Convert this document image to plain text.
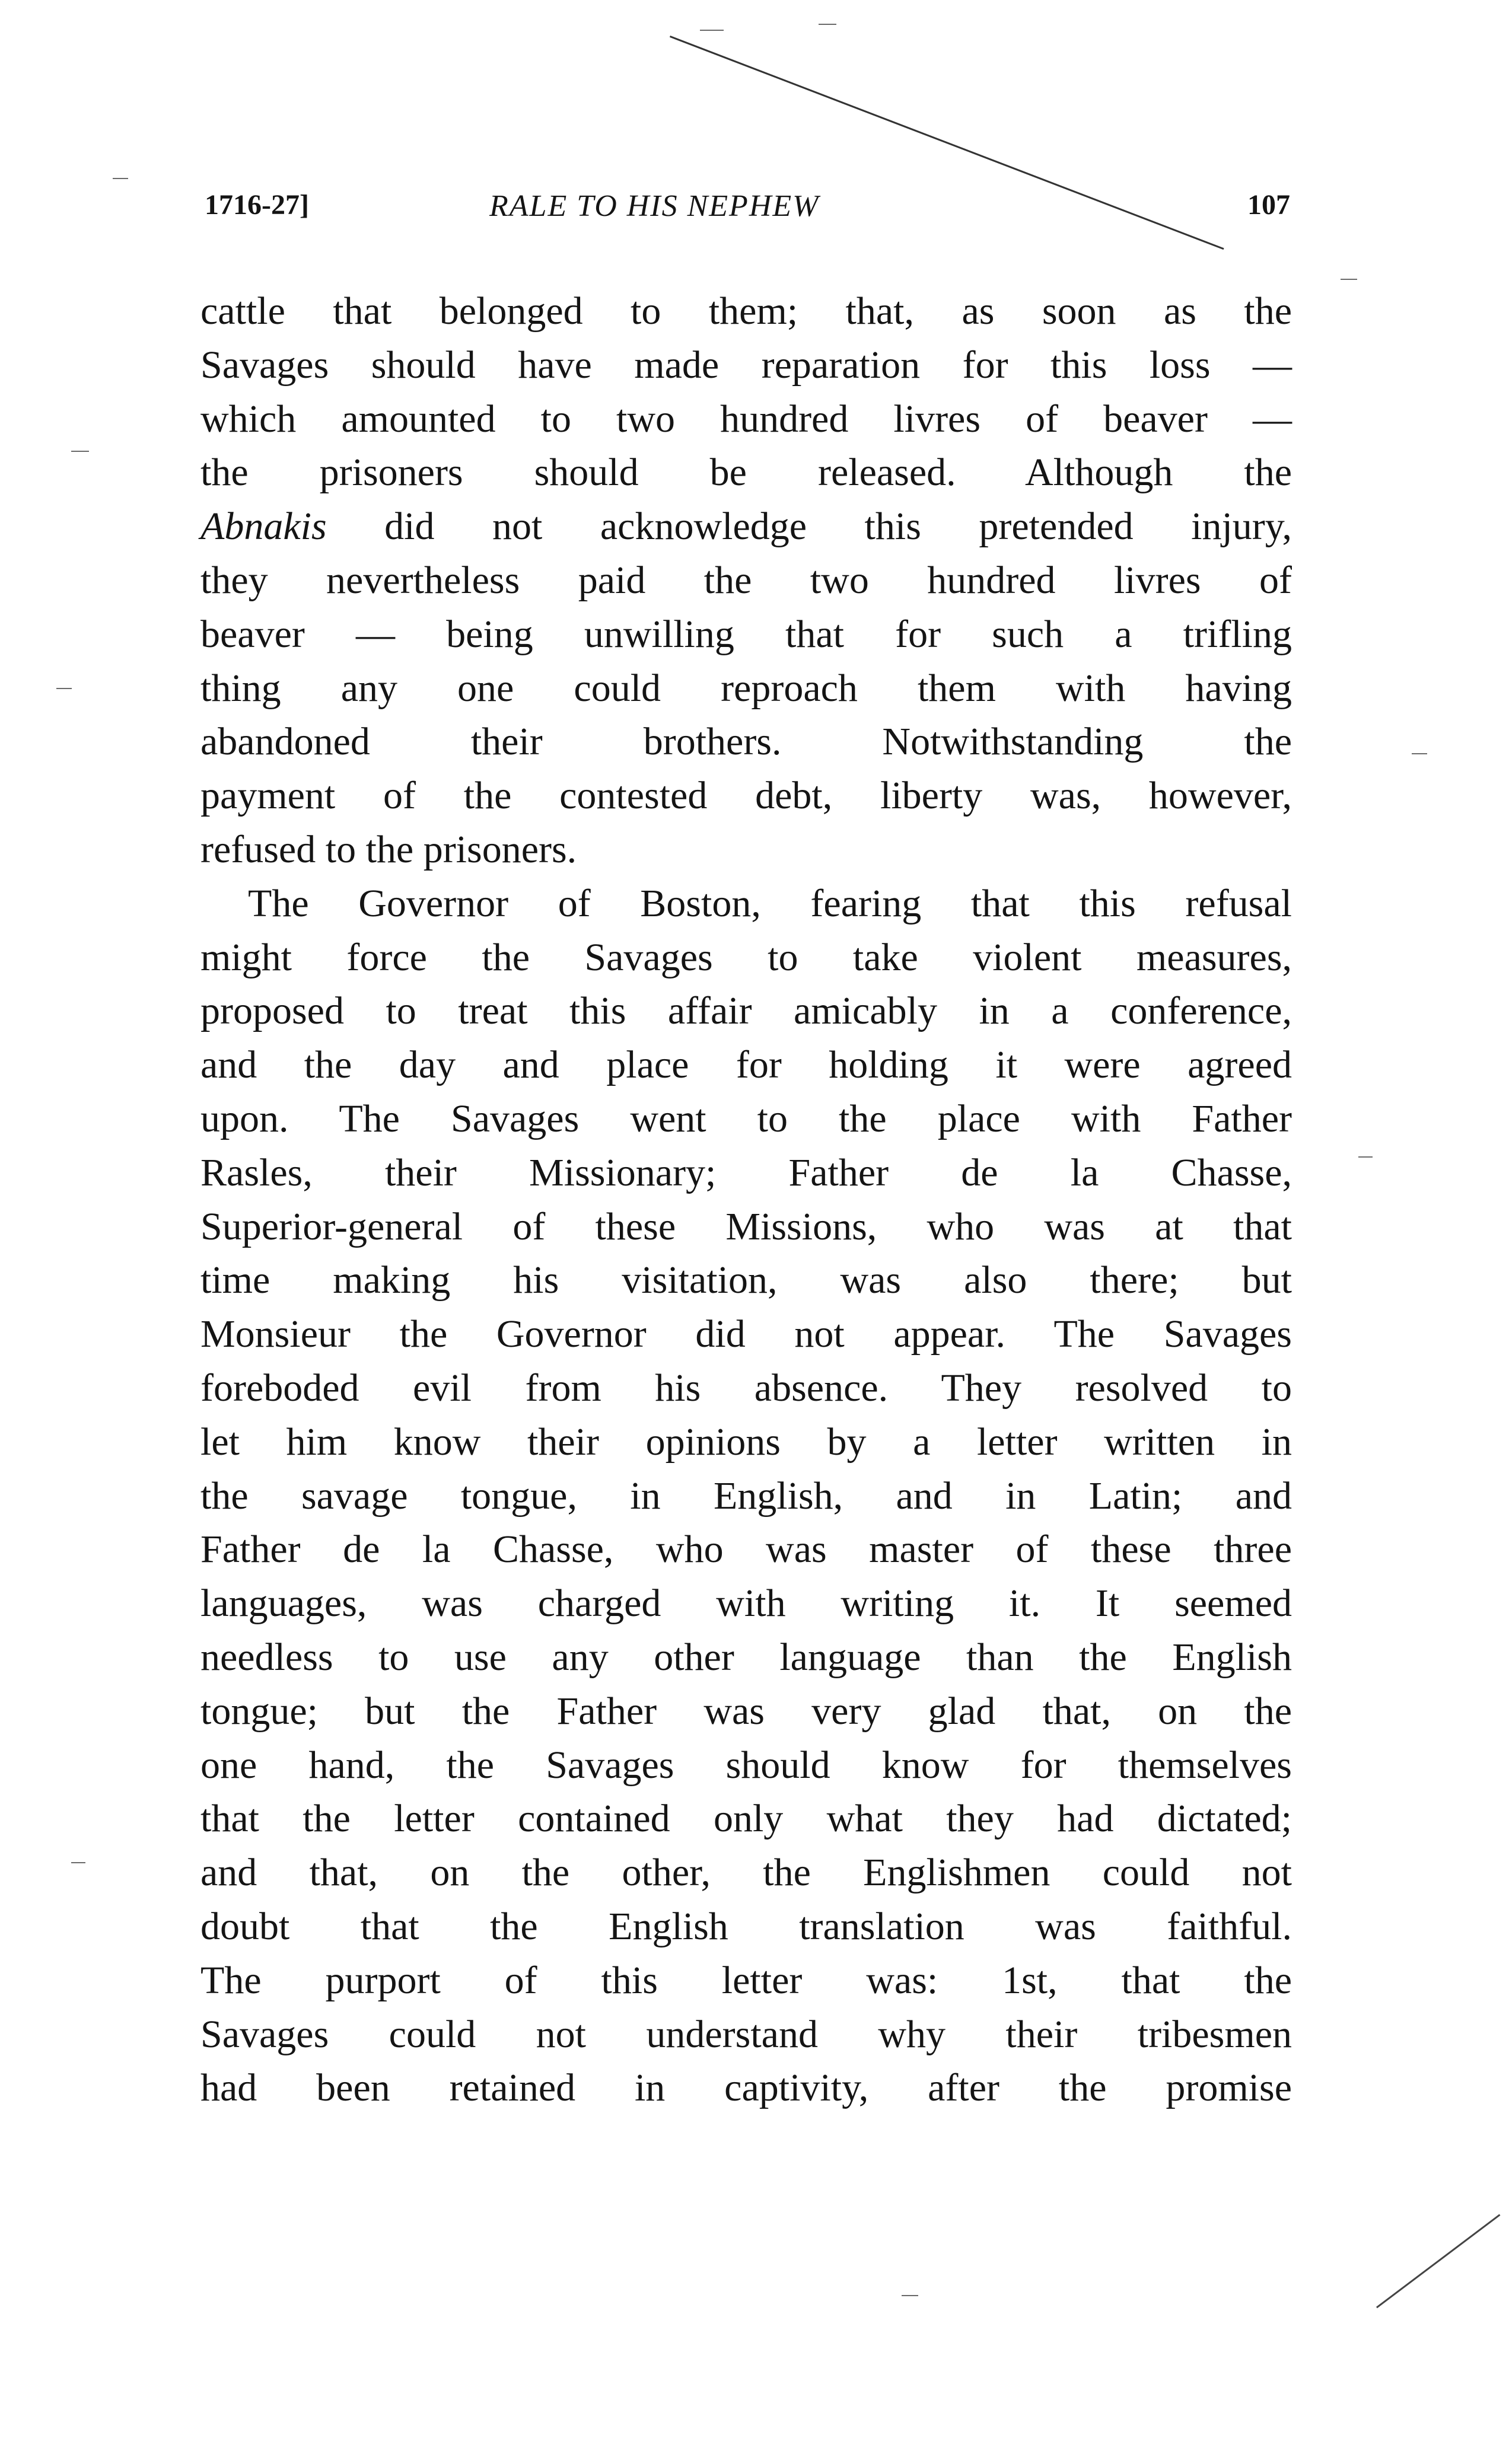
1716-27]	RALE TO HIS NEPHEW	107
cattle that belonged to them; that, as soon as the
Savages should have made reparation for this loss —
which amounted to two hundred livres of beaver —
the prisoners should be released. Although the
Abnakis did not acknowledge this pretended injury,
they nevertheless paid the two hundred livres of
beaver — being unwilling that for such a trifling
thing any one could reproach them with having
abandoned their brothers. Notwithstanding the
payment of the contested debt, liberty was, however,
refused to the prisoners.
The Governor of Boston, fearing that this refusal
might force the Savages to take violent measures,
proposed to treat this affair amicably in a conference,
and the day and place for holding it were agreed
upon. The Savages went to the place with Father
Rasles, their Missionary; Father de la Chasse,
Superior-general of these Missions, who was at that
time making his visitation, was also there; but
Monsieur the Governor did not appear. The Savages
foreboded evil from his absence. They resolved to
let him know their opinions by a letter written in
the savage tongue, in English, and in Latin; and
Father de la Chasse, who was master of these three
languages, was charged with writing it. It seemed
needless to use any other language than the English
tongue; but the Father was very glad that, on the
one hand, the Savages should know for themselves
that the letter contained only what they had dictated;
and that, on the other, the Englishmen could not
doubt that the English translation was faithful.
The purport of this letter was: 1st, that the
Savages could not understand why their tribesmen
had been retained in captivity, after the promise
